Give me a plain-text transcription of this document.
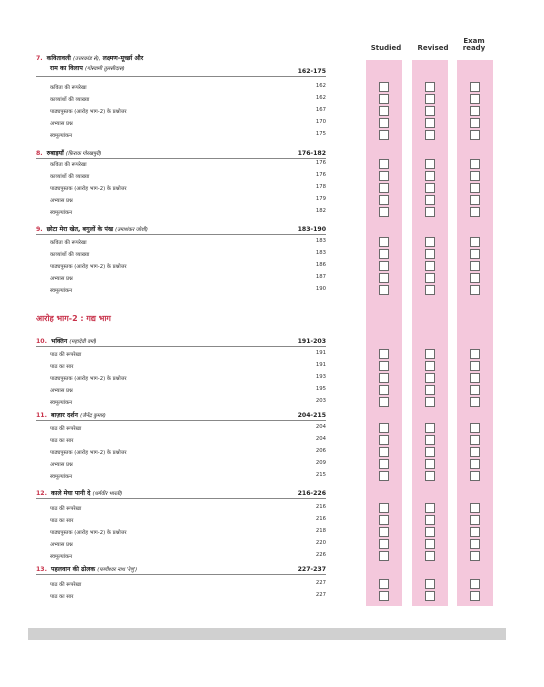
Studied	Revised
Exam
ready
7. कवितावली (उत्तरकांड से), लक्ष्मण-मूर्च्छा और
राम का विलाप (गोस्वामी तुलसीदास)	162-175
कविता की रूपरेखा	162
काव्यांशों की व्याख्या	162
पाठ्यपुस्तक (आरोह भाग-2) के प्रश्नोत्तर	167
अभ्यास प्रश्न	170
स्वमूल्यांकन	175
8. रुबाइयाँ (फ़िराक गोरखपुरी)	176-182
कविता की रूपरेखा	176
काव्यांशों की व्याख्या	176
पाठ्यपुस्तक (आरोह भाग-2) के प्रश्नोत्तर	178
अभ्यास प्रश्न	179
स्वमूल्यांकन	182
9. छोटा मेरा खेत, बगुलों के पंख (उमाशंकर जोशी)	183-190
कविता की रूपरेखा	183
काव्यांशों की व्याख्या	183
पाठ्यपुस्तक (आरोह भाग-2) के प्रश्नोत्तर	186
अभ्यास प्रश्न	187
स्वमूल्यांकन	190
आरोह भाग-2 : गद्य भाग
10. भक्तिन (महादेवी वर्मा)	191-203
पाठ की रूपरेखा	191
पाठ का सार	191
पाठ्यपुस्तक (आरोह भाग-2) के प्रश्नोत्तर	193
अभ्यास प्रश्न	195
स्वमूल्यांकन	203
11. बाज़ार दर्शन (जैनेंद्र कुमार)	204-215
पाठ की रूपरेखा	204
पाठ का सार	204
पाठ्यपुस्तक (आरोह भाग-2) के प्रश्नोत्तर	206
अभ्यास प्रश्न	209
स्वमूल्यांकन	215
12. काले मेघा पानी दे (धर्मवीर भारती)	216-226
पाठ की रूपरेखा	216
पाठ का सार	216
पाठ्यपुस्तक (आरोह भाग-2) के प्रश्नोत्तर	218
अभ्यास प्रश्न	220
स्वमूल्यांकन	226
13. पहलवान की ढोलक (फणीश्वर नाथ 'रेणु')	227-237
पाठ की रूपरेखा	227
पाठ का सार	227
